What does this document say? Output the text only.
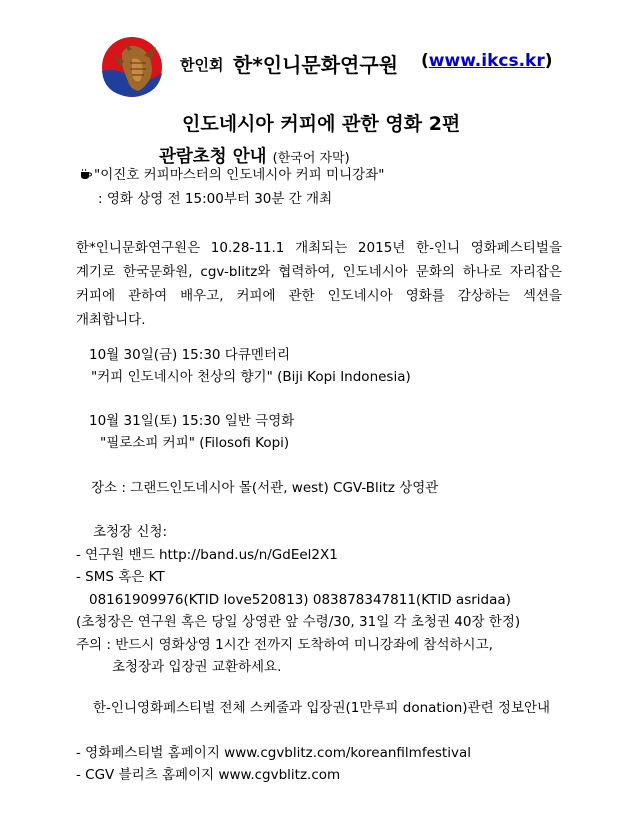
한인회 한*인니문화연구원 (www.ikcs.kr)
인도네시아 커피에 관한 영화 2편
관람초청 안내 (한국어 자막)
"이진호 커피마스터의 인도네시아 커피 미니강좌"
: 영화 상영 전 15:00부터 30분 간 개최
한*인니문화연구원은 10.28-11.1 개최되는 2015년 한-인니 영화페스티벌을 계기로 한국문화원, cgv-blitz와 협력하여, 인도네시아 문화의 하나로 자리잡은 커피에 관하여 배우고, 커피에 관한 인도네시아 영화를 감상하는 섹션을 개최합니다.
10월 30일(금) 15:30 다큐멘터리
"커피 인도네시아 천상의 향기" (Biji Kopi Indonesia)
10월 31일(토) 15:30 일반 극영화
"필로소피 커피" (Filosofi Kopi)
장소 : 그랜드인도네시아 몰(서관, west) CGV-Blitz 상영관
초청장 신청:
- 연구원 밴드 http://band.us/n/GdEel2X1
- SMS 혹은 KT
08161909976(KTID love520813) 083878347811(KTID asridaa)
(초청장은 연구원 혹은 당일 상영관 앞 수령/30, 31일 각 초청권 40장 한정)
주의 : 반드시 영화상영 1시간 전까지 도착하여 미니강좌에 참석하시고,
초청장과 입장권 교환하세요.
한-인니영화페스티벌 전체 스케줄과 입장권(1만루피 donation)관련 정보안내
- 영화페스티벌 홈페이지 www.cgvblitz.com/koreanfilmfestival
- CGV 블리츠 홈페이지 www.cgvblitz.com
